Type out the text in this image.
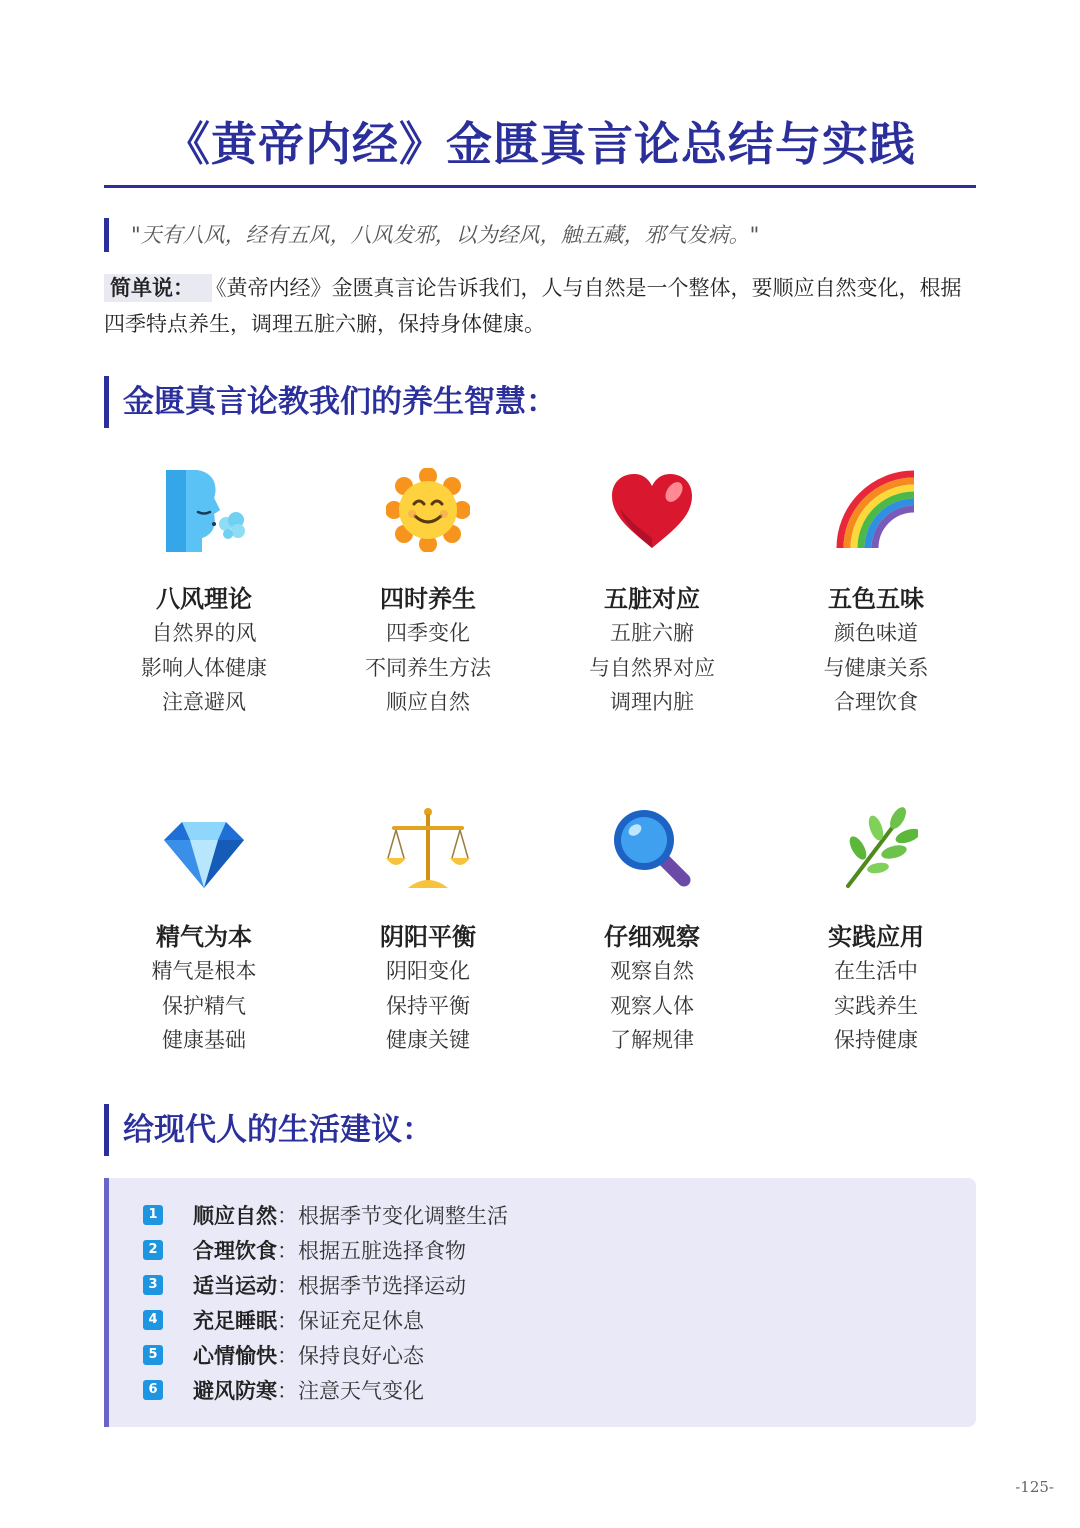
《黄帝内经》金匮真言论总结与实践
"天有八风，经有五风，八风发邪，以为经风，触五藏，邪气发病。"
简单说： 《黄帝内经》金匮真言论告诉我们，人与自然是一个整体，要顺应自然变化，根据四季特点养生，调理五脏六腑，保持身体健康。
金匮真言论教我们的养生智慧：
八风理论
自然界的风
影响人体健康
注意避风
四时养生
四季变化
不同养生方法
顺应自然
五脏对应
五脏六腑
与自然界对应
调理内脏
五色五味
颜色味道
与健康关系
合理饮食
精气为本
精气是根本
保护精气
健康基础
阴阳平衡
阴阳变化
保持平衡
健康关键
仔细观察
观察自然
观察人体
了解规律
实践应用
在生活中
实践养生
保持健康
给现代人的生活建议：
1 顺应自然：根据季节变化调整生活
2 合理饮食：根据五脏选择食物
3 适当运动：根据季节选择运动
4 充足睡眠：保证充足休息
5 心情愉快：保持良好心态
6 避风防寒：注意天气变化
-125-
